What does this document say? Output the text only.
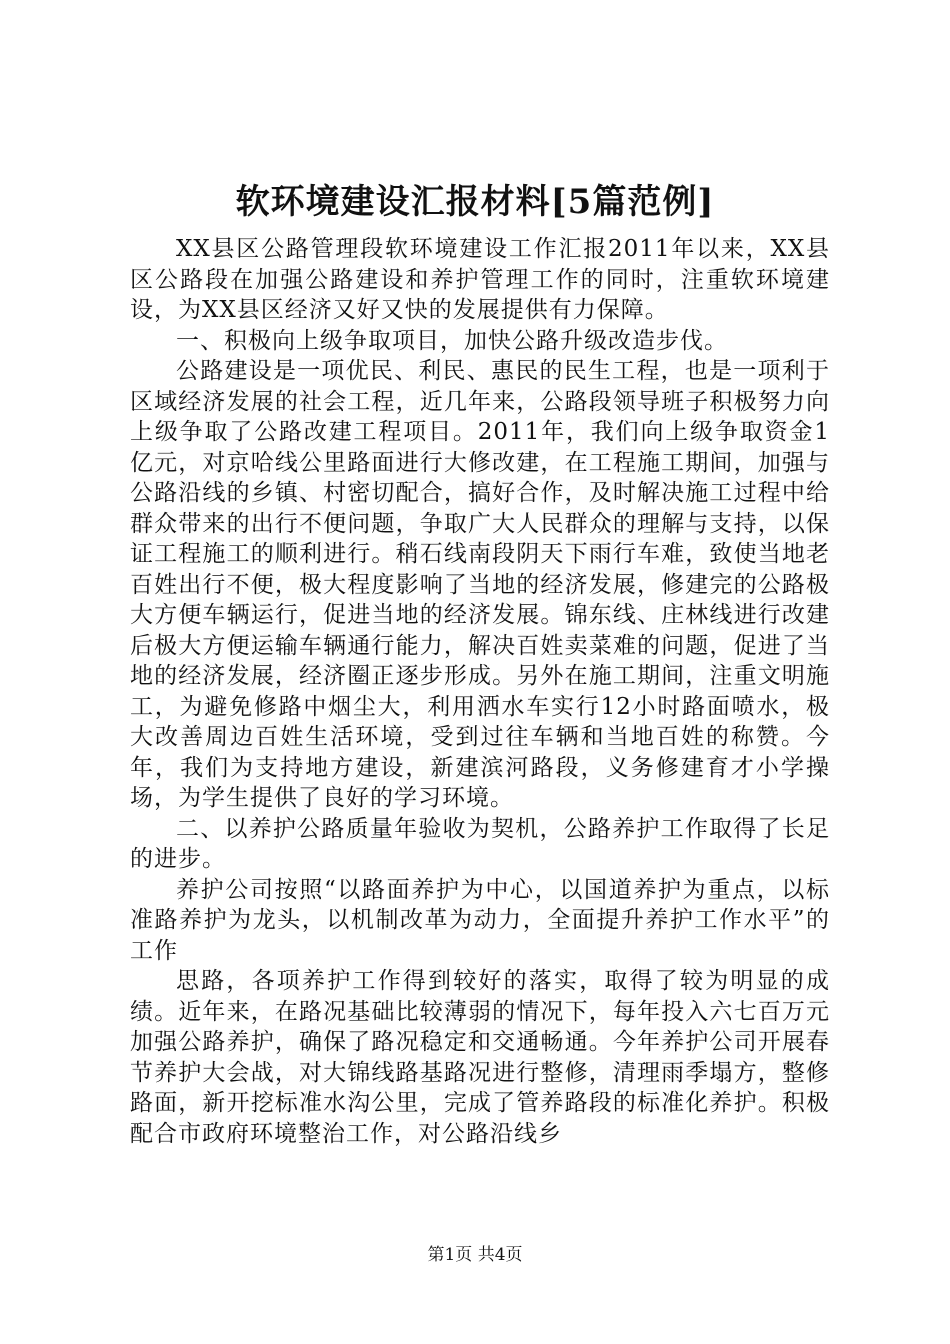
软环境建设汇报材料[5篇范例]

XX县区公路管理段软环境建设工作汇报2011年以来，XX县区公路段在加强公路建设和养护管理工作的同时，注重软环境建设，为XX县区经济又好又快的发展提供有力保障。

一、积极向上级争取项目，加快公路升级改造步伐。

公路建设是一项优民、利民、惠民的民生工程，也是一项利于区域经济发展的社会工程，近几年来，公路段领导班子积极努力向上级争取了公路改建工程项目。2011年，我们向上级争取资金1亿元，对京哈线公里路面进行大修改建，在工程施工期间，加强与公路沿线的乡镇、村密切配合，搞好合作，及时解决施工过程中给群众带来的出行不便问题，争取广大人民群众的理解与支持，以保证工程施工的顺利进行。稍石线南段阴天下雨行车难，致使当地老百姓出行不便，极大程度影响了当地的经济发展，修建完的公路极大方便车辆运行，促进当地的经济发展。锦东线、庄林线进行改建后极大方便运输车辆通行能力，解决百姓卖菜难的问题，促进了当地的经济发展，经济圈正逐步形成。另外在施工期间，注重文明施工，为避免修路中烟尘大，利用洒水车实行12小时路面喷水，极大改善周边百姓生活环境，受到过往车辆和当地百姓的称赞。今年，我们为支持地方建设，新建滨河路段，义务修建育才小学操场，为学生提供了良好的学习环境。

二、以养护公路质量年验收为契机，公路养护工作取得了长足的进步。

养护公司按照“以路面养护为中心，以国道养护为重点，以标准路养护为龙头，以机制改革为动力，全面提升养护工作水平”的工作

思路，各项养护工作得到较好的落实，取得了较为明显的成绩。近年来，在路况基础比较薄弱的情况下，每年投入六七百万元加强公路养护，确保了路况稳定和交通畅通。今年养护公司开展春节养护大会战，对大锦线路基路况进行整修，清理雨季塌方，整修路面，新开挖标准水沟公里，完成了管养路段的标准化养护。积极配合市政府环境整治工作，对公路沿线乡

第1页 共4页
